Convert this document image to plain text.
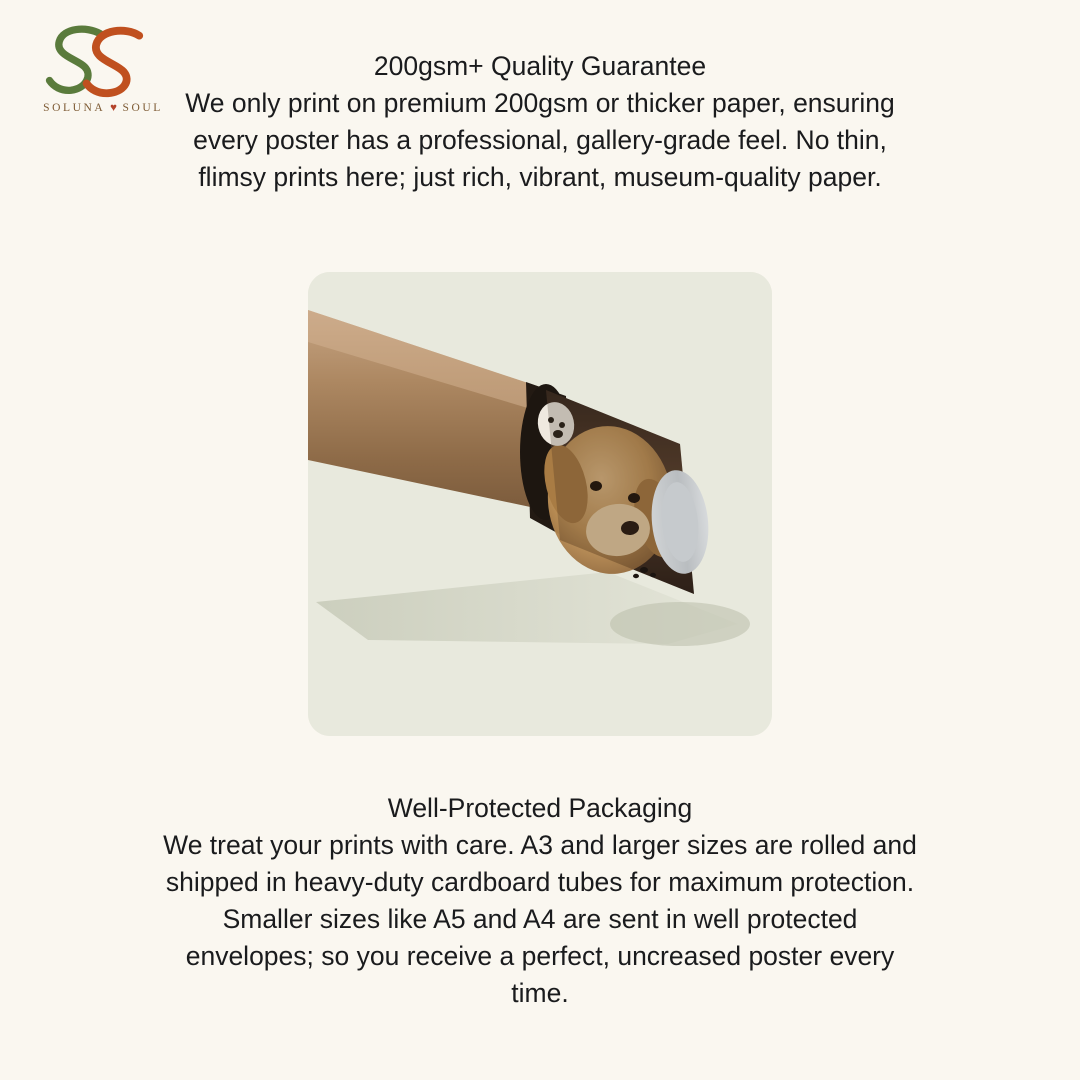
SOLUNA ♥ SOUL

200gsm+ Quality Guarantee

We only print on premium 200gsm or thicker paper, ensuring every poster has a professional, gallery-grade feel. No thin, flimsy prints here; just rich, vibrant, museum-quality paper.

Well-Protected Packaging

We treat your prints with care. A3 and larger sizes are rolled and shipped in heavy-duty cardboard tubes for maximum protection. Smaller sizes like A5 and A4 are sent in well protected envelopes; so you receive a perfect, uncreased poster every time.
